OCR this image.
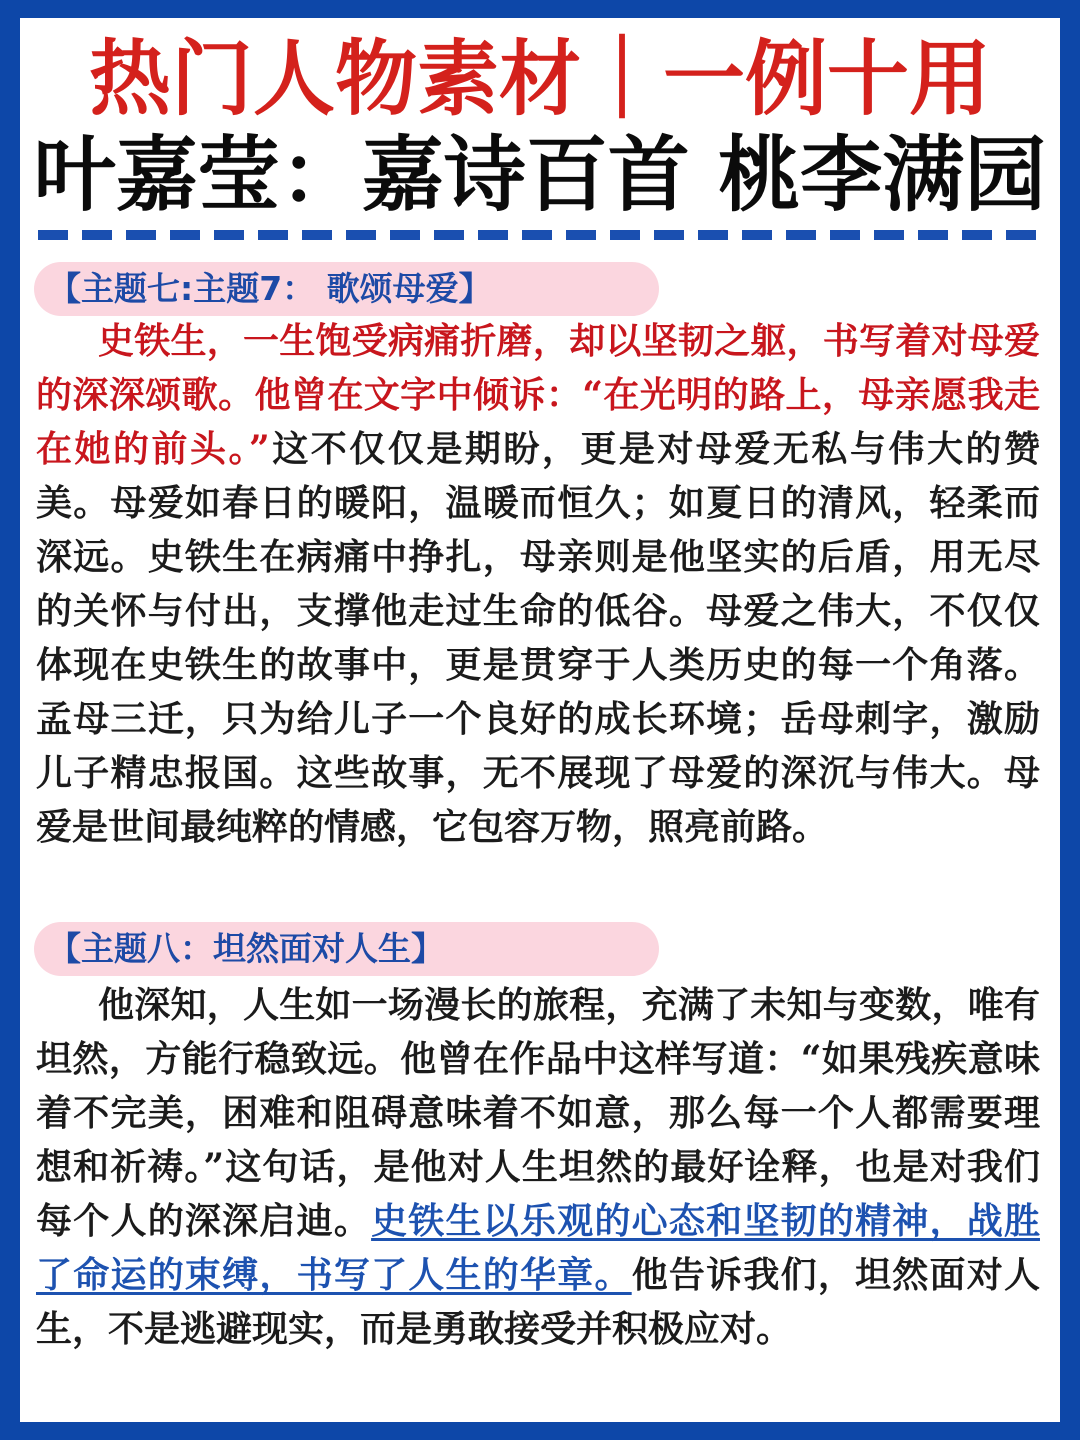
热门人物素材｜一例十用
叶嘉莹：嘉诗百首 桃李满园
【主题七:主题7： 歌颂母爱】

史铁生，一生饱受病痛折磨，却以坚韧之躯，书写着对母爱的深深颂歌。他曾在文字中倾诉：“在光明的路上，母亲愿我走在她的前头。”这不仅仅是期盼，更是对母爱无私与伟大的赞美。母爱如春日的暖阳，温暖而恒久；如夏日的清风，轻柔而深远。史铁生在病痛中挣扎，母亲则是他坚实的后盾，用无尽的关怀与付出，支撑他走过生命的低谷。母爱之伟大，不仅仅体现在史铁生的故事中，更是贯穿于人类历史的每一个角落。孟母三迁，只为给儿子一个良好的成长环境；岳母刺字，激励儿子精忠报国。这些故事，无不展现了母爱的深沉与伟大。母爱是世间最纯粹的情感，它包容万物，照亮前路。

【主题八：坦然面对人生】

他深知，人生如一场漫长的旅程，充满了未知与变数，唯有坦然，方能行稳致远。他曾在作品中这样写道：“如果残疾意味着不完美，困难和阻碍意味着不如意，那么每一个人都需要理想和祈祷。”这句话，是他对人生坦然的最好诠释，也是对我们每个人的深深启迪。史铁生以乐观的心态和坚韧的精神，战胜了命运的束缚，书写了人生的华章。他告诉我们，坦然面对人生，不是逃避现实，而是勇敢接受并积极应对。
